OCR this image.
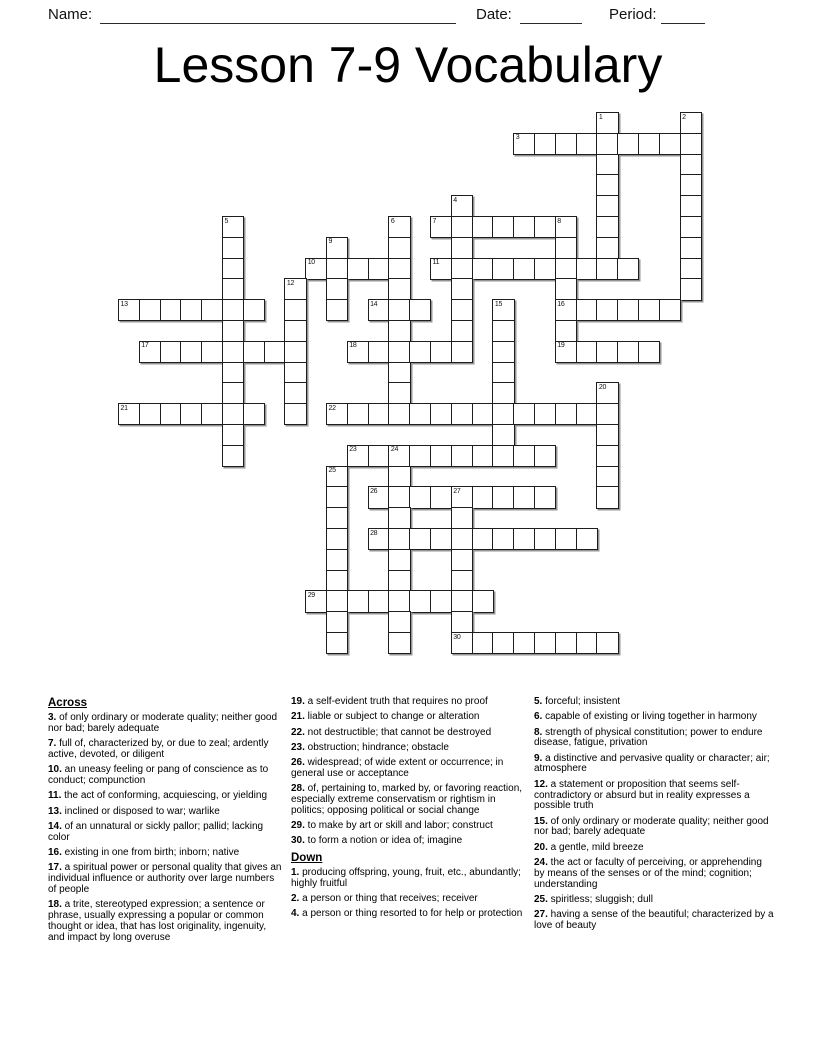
Name:	Date:	Period:
Lesson 7-9 Vocabulary
1	2
3
4
5	6	7	8
9
10	11
12
13	14	15	16
17	18	19
20
21	22
23	24
25
26	27
28
29
30
Across
3. of only ordinary or moderate quality; neither good nor bad; barely adequate
7. full of, characterized by, or due to zeal; ardently active, devoted, or diligent
10. an uneasy feeling or pang of conscience as to conduct; compunction
11. the act of conforming, acquiescing, or yielding
13. inclined or disposed to war; warlike
14. of an unnatural or sickly pallor; pallid; lacking color
16. existing in one from birth; inborn; native
17. a spiritual power or personal quality that gives an individual influence or authority over large numbers of people
18. a trite, stereotyped expression; a sentence or phrase, usually expressing a popular or common thought or idea, that has lost originality, ingenuity, and impact by long overuse
19. a self-evident truth that requires no proof
21. liable or subject to change or alteration
22. not destructible; that cannot be destroyed
23. obstruction; hindrance; obstacle
26. widespread; of wide extent or occurrence; in general use or acceptance
28. of, pertaining to, marked by, or favoring reaction, especially extreme conservatism or rightism in politics; opposing political or social change
29. to make by art or skill and labor; construct
30. to form a notion or idea of; imagine
Down
1. producing offspring, young, fruit, etc., abundantly; highly fruitful
2. a person or thing that receives; receiver
4. a person or thing resorted to for help or protection
5. forceful; insistent
6. capable of existing or living together in harmony
8. strength of physical constitution; power to endure disease, fatigue, privation
9. a distinctive and pervasive quality or character; air; atmosphere
12. a statement or proposition that seems self-contradictory or absurd but in reality expresses a possible truth
15. of only ordinary or moderate quality; neither good nor bad; barely adequate
20. a gentle, mild breeze
24. the act or faculty of perceiving, or apprehending by means of the senses or of the mind; cognition; understanding
25. spiritless; sluggish; dull
27. having a sense of the beautiful; characterized by a love of beauty
